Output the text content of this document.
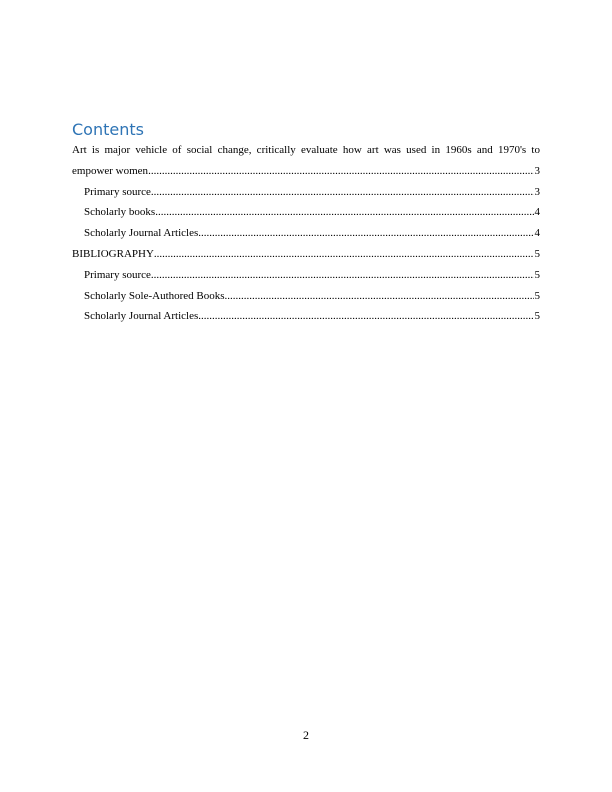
Contents
Art is major vehicle of social change, critically evaluate how art was used in 1960s and 1970's to
empower women .....	3
Primary source .....	3
Scholarly books .....	4
Scholarly Journal Articles .....	4
BIBLIOGRAPHY .....	5
Primary source .....	5
Scholarly Sole-Authored Books .....	5
Scholarly Journal Articles .....	5
2
